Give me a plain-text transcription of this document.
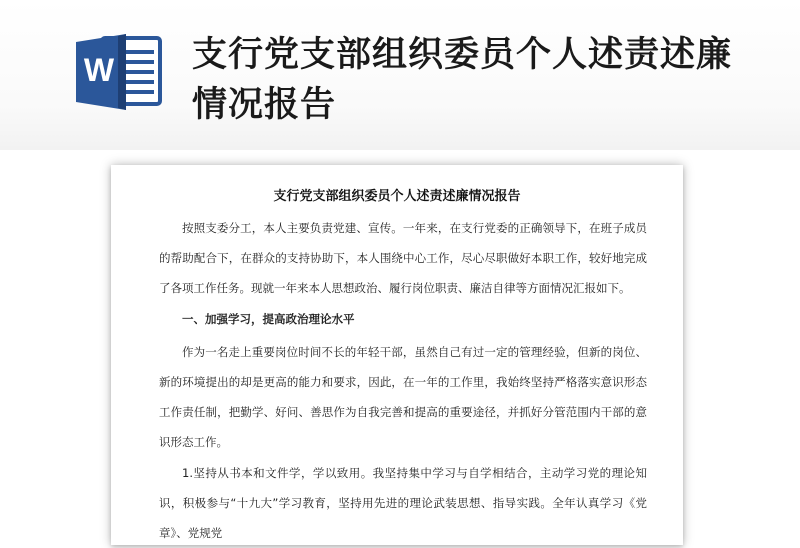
W 支行党支部组织委员个人述责述廉情况报告
支行党支部组织委员个人述责述廉情况报告
按照支委分工，本人主要负责党建、宣传。一年来，在支行党委的正确领导下，在班子成员的帮助配合下，在群众的支持协助下，本人围绕中心工作，尽心尽职做好本职工作，较好地完成了各项工作任务。现就一年来本人思想政治、履行岗位职责、廉洁自律等方面情况汇报如下。
一、加强学习，提高政治理论水平
作为一名走上重要岗位时间不长的年轻干部，虽然自己有过一定的管理经验，但新的岗位、新的环境提出的却是更高的能力和要求，因此，在一年的工作里，我始终坚持严格落实意识形态工作责任制，把勤学、好问、善思作为自我完善和提高的重要途径，并抓好分管范围内干部的意识形态工作。
1.坚持从书本和文件学，学以致用。我坚持集中学习与自学相结合，主动学习党的理论知识，积极参与“十九大”学习教育，坚持用先进的理论武装思想、指导实践。全年认真学习《党章》、党规党
